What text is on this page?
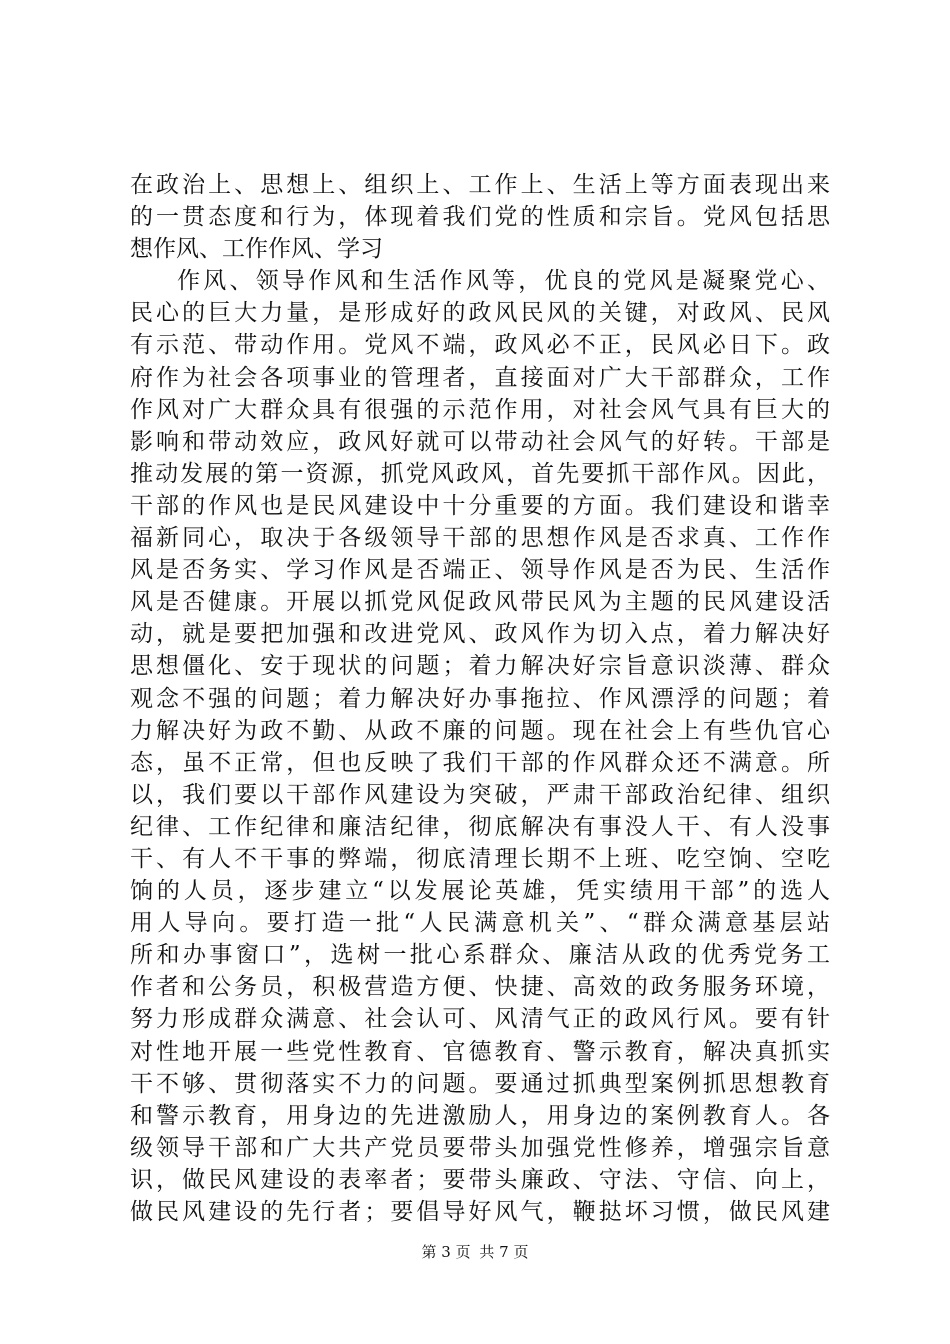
在政治上、思想上、组织上、工作上、生活上等方面表现出来
的一贯态度和行为，体现着我们党的性质和宗旨。党风包括思
想作风、工作作风、学习
作风、领导作风和生活作风等，优良的党风是凝聚党心、
民心的巨大力量，是形成好的政风民风的关键，对政风、民风
有示范、带动作用。党风不端，政风必不正，民风必日下。政
府作为社会各项事业的管理者，直接面对广大干部群众，工作
作风对广大群众具有很强的示范作用，对社会风气具有巨大的
影响和带动效应，政风好就可以带动社会风气的好转。干部是
推动发展的第一资源，抓党风政风，首先要抓干部作风。因此，
干部的作风也是民风建设中十分重要的方面。我们建设和谐幸
福新同心，取决于各级领导干部的思想作风是否求真、工作作
风是否务实、学习作风是否端正、领导作风是否为民、生活作
风是否健康。开展以抓党风促政风带民风为主题的民风建设活
动，就是要把加强和改进党风、政风作为切入点，着力解决好
思想僵化、安于现状的问题；着力解决好宗旨意识淡薄、群众
观念不强的问题；着力解决好办事拖拉、作风漂浮的问题；着
力解决好为政不勤、从政不廉的问题。现在社会上有些仇官心
态，虽不正常，但也反映了我们干部的作风群众还不满意。所
以，我们要以干部作风建设为突破，严肃干部政治纪律、组织
纪律、工作纪律和廉洁纪律，彻底解决有事没人干、有人没事
干、有人不干事的弊端，彻底清理长期不上班、吃空饷、空吃
饷的人员，逐步建立“以发展论英雄，凭实绩用干部”的选人
用人导向。要打造一批“人民满意机关”、“群众满意基层站
所和办事窗口”，选树一批心系群众、廉洁从政的优秀党务工
作者和公务员，积极营造方便、快捷、高效的政务服务环境，
努力形成群众满意、社会认可、风清气正的政风行风。要有针
对性地开展一些党性教育、官德教育、警示教育，解决真抓实
干不够、贯彻落实不力的问题。要通过抓典型案例抓思想教育
和警示教育，用身边的先进激励人，用身边的案例教育人。各
级领导干部和广大共产党员要带头加强党性修养，增强宗旨意
识，做民风建设的表率者；要带头廉政、守法、守信、向上，
做民风建设的先行者；要倡导好风气，鞭挞坏习惯，做民风建
第 3 页 共 7 页
